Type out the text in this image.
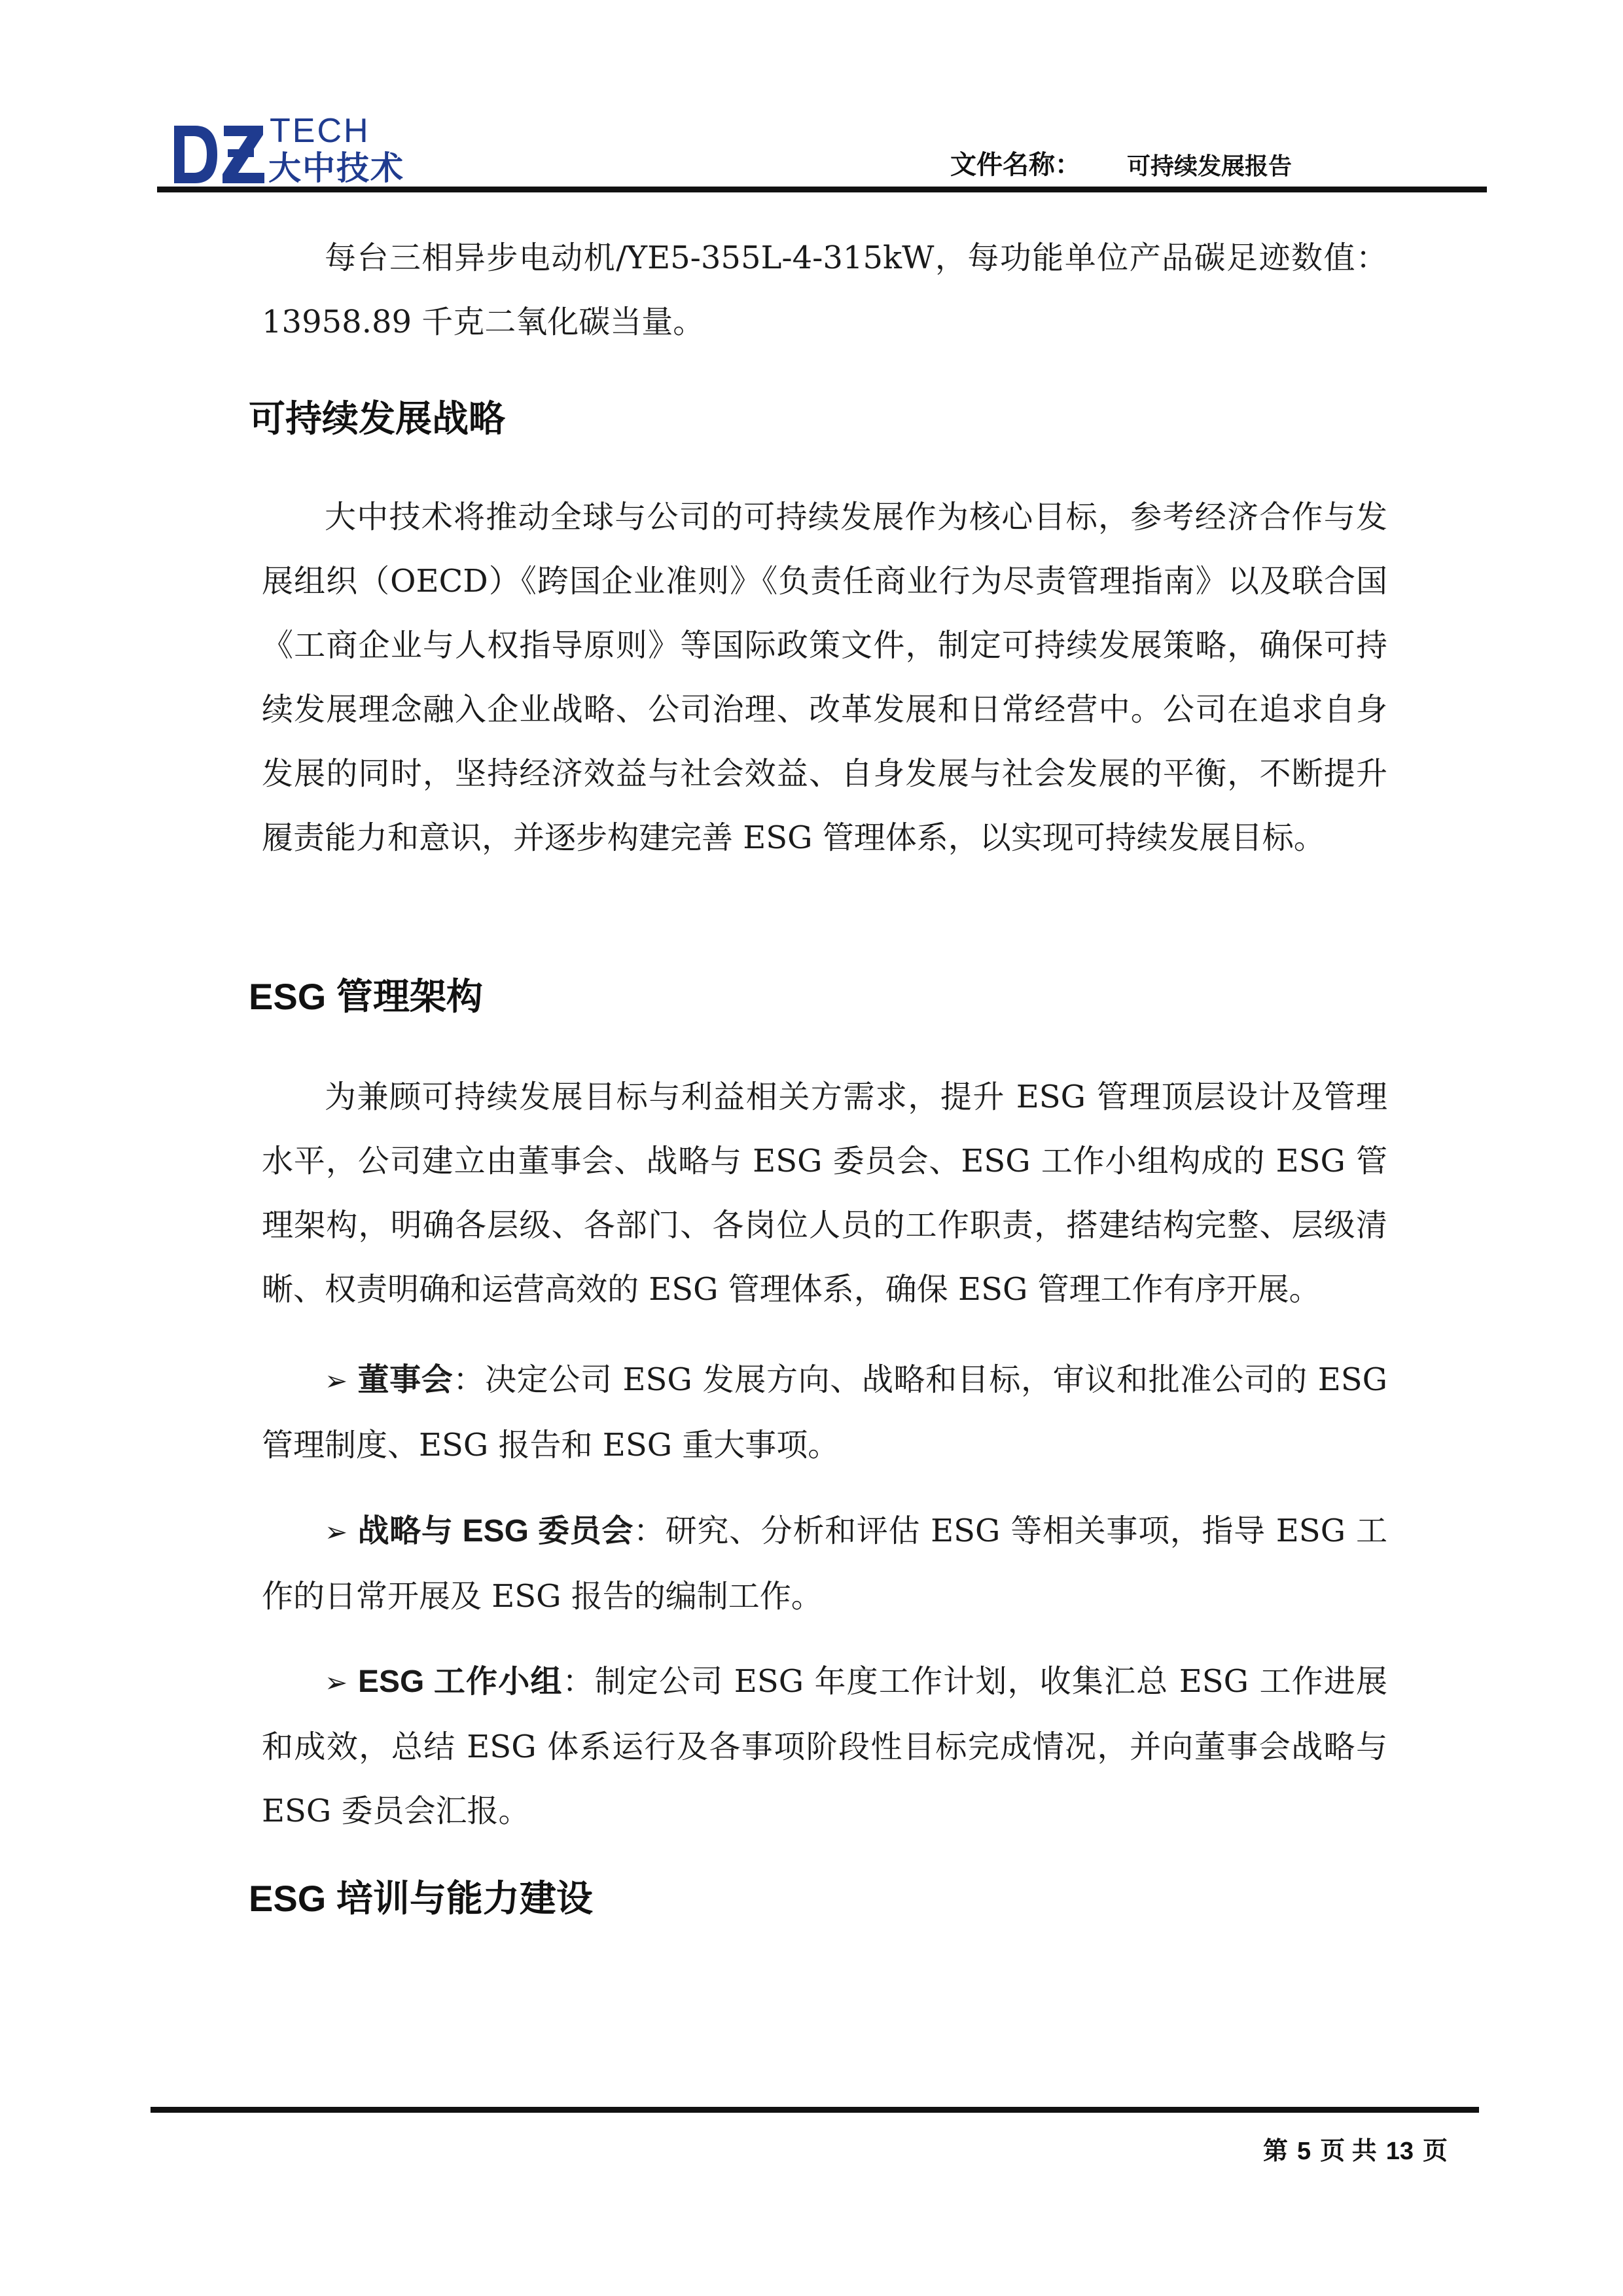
TECH
大中技术	文件名称： 可持续发展报告
每台三相异步电动机/YE5-355L-4-315kW，每功能单位产品碳足迹数值：13958.89 千克二氧化碳当量。
可持续发展战略
大中技术将推动全球与公司的可持续发展作为核心目标，参考经济合作与发展组织（OECD）《跨国企业准则》《负责任商业行为尽责管理指南》以及联合国《工商企业与人权指导原则》等国际政策文件，制定可持续发展策略，确保可持续发展理念融入企业战略、公司治理、改革发展和日常经营中。公司在追求自身发展的同时，坚持经济效益与社会效益、自身发展与社会发展的平衡，不断提升履责能力和意识，并逐步构建完善 ESG 管理体系，以实现可持续发展目标。
ESG 管理架构
为兼顾可持续发展目标与利益相关方需求，提升 ESG 管理顶层设计及管理水平，公司建立由董事会、战略与 ESG 委员会、ESG 工作小组构成的 ESG 管理架构，明确各层级、各部门、各岗位人员的工作职责，搭建结构完整、层级清晰、权责明确和运营高效的 ESG 管理体系，确保 ESG 管理工作有序开展。
➢ 董事会：决定公司 ESG 发展方向、战略和目标，审议和批准公司的 ESG 管理制度、ESG 报告和 ESG 重大事项。
➢ 战略与 ESG 委员会：研究、分析和评估 ESG 等相关事项，指导 ESG 工作的日常开展及 ESG 报告的编制工作。
➢ ESG 工作小组：制定公司 ESG 年度工作计划，收集汇总 ESG 工作进展和成效，总结 ESG 体系运行及各事项阶段性目标完成情况，并向董事会战略与 ESG 委员会汇报。
ESG 培训与能力建设
第 5 页 共 13 页
